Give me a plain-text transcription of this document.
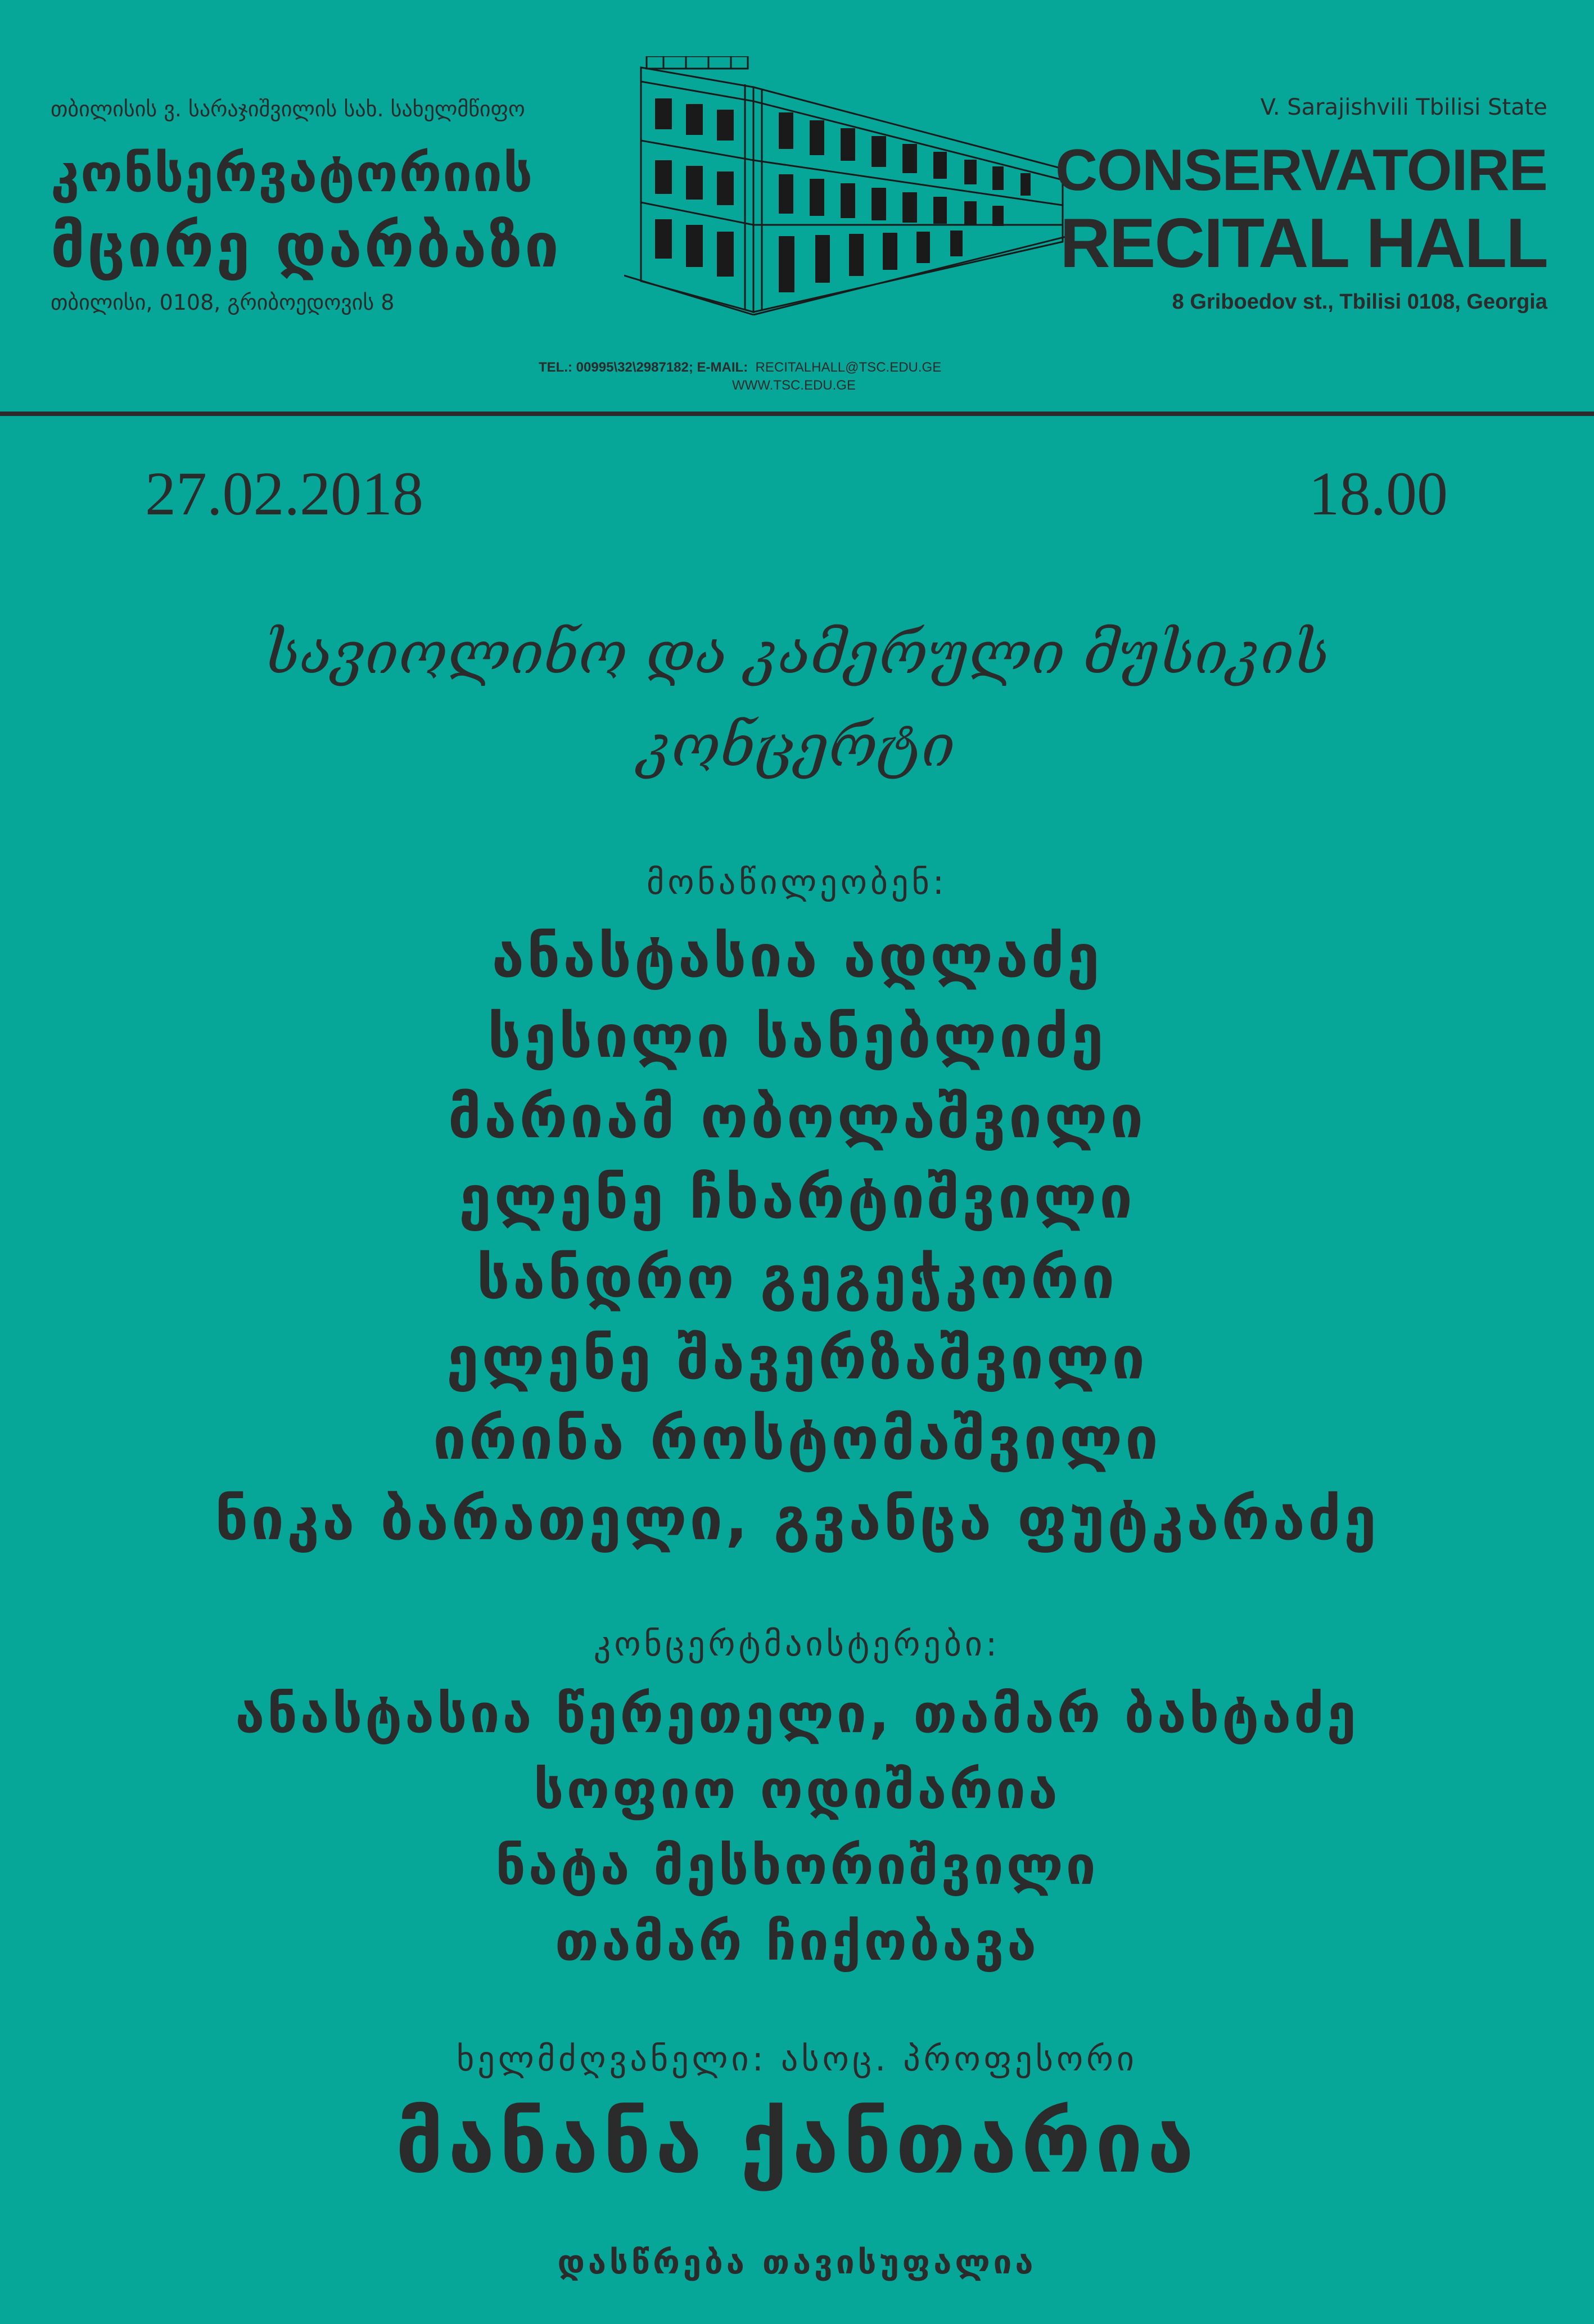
თბილისის ვ. სარაჯიშვილის სახ. სახელმწიფო
კონსერვატორიის
მცირე დარბაზი
თბილისი, 0108, გრიბოედოვის 8
V. Sarajishvili Tbilisi State
CONSERVATOIRE
RECITAL HALL
8 Griboedov st., Tbilisi 0108, Georgia
TEL.: 00995\32\2987182; E-MAIL: RECITALHALL@TSC.EDU.GE
WWW.TSC.EDU.GE
27.02.2018	18.00
სავიოლინო და კამერული მუსიკის
კონცერტი
მონაწილეობენ:
ანასტასია ადლაძე
სესილი სანებლიძე
მარიამ ობოლაშვილი
ელენე ჩხარტიშვილი
სანდრო გეგეჭკორი
ელენე შავერზაშვილი
ირინა როსტომაშვილი
ნიკა ბარათელი, გვანცა ფუტკარაძე
კონცერტმაისტერები:
ანასტასია წერეთელი, თამარ ბახტაძე
სოფიო ოდიშარია
ნატა მესხორიშვილი
თამარ ჩიქობავა
ხელმძღვანელი: ასოც. პროფესორი
მანანა ქანთარია
დასწრება თავისუფალია
